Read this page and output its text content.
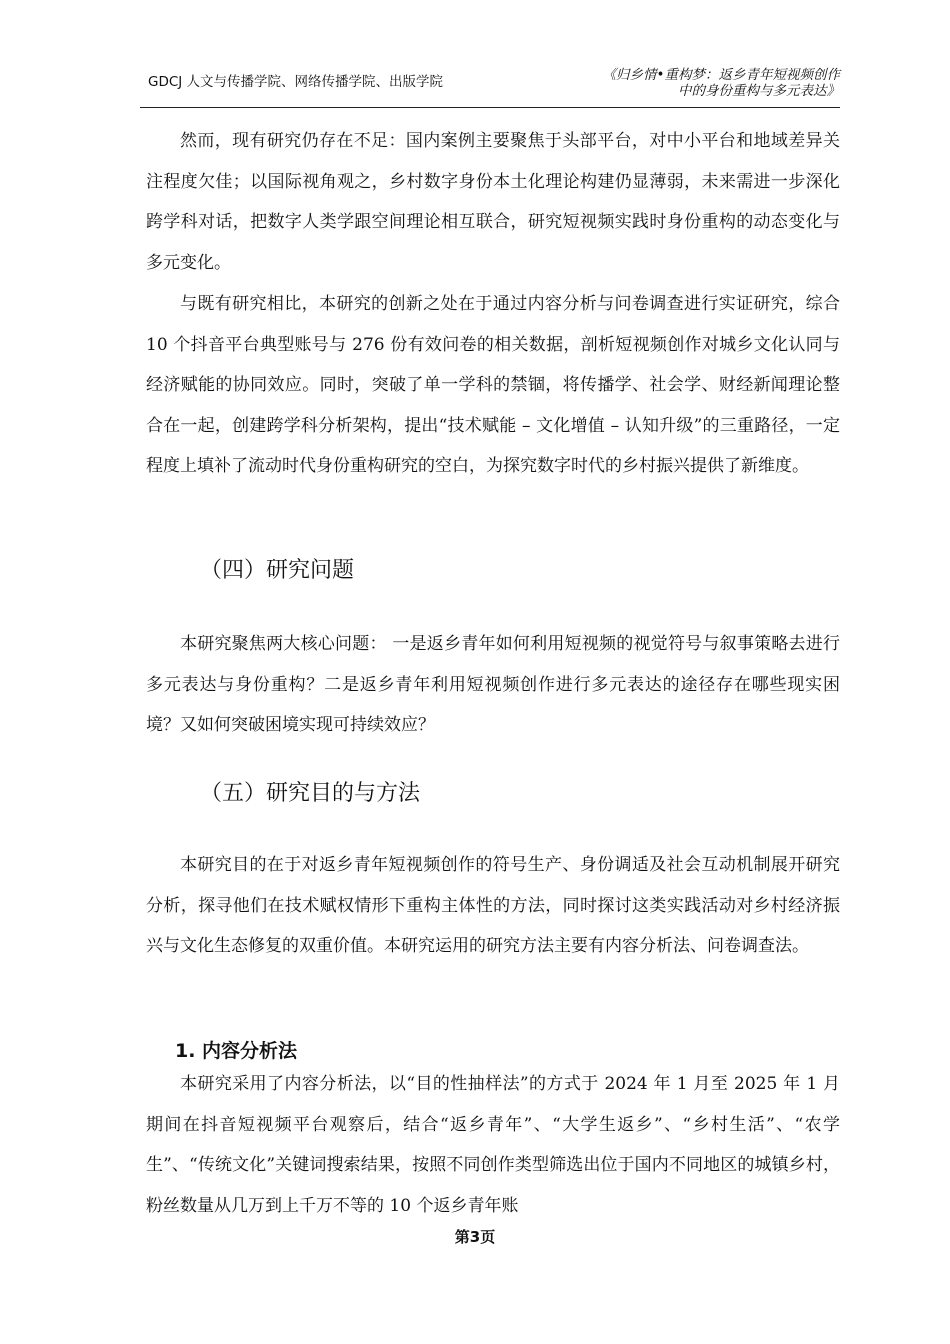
GDCJ 人文与传播学院、网络传播学院、出版学院	《归乡情•重构梦：返乡青年短视频创作
中的身份重构与多元表达》

然而，现有研究仍存在不足：国内案例主要聚焦于头部平台，对中小平台和地域差异关注程度欠佳；以国际视角观之，乡村数字身份本土化理论构建仍显薄弱，未来需进一步深化跨学科对话，把数字人类学跟空间理论相互联合，研究短视频实践时身份重构的动态变化与多元变化。

与既有研究相比，本研究的创新之处在于通过内容分析与问卷调查进行实证研究，综合 10 个抖音平台典型账号与 276 份有效问卷的相关数据，剖析短视频创作对城乡文化认同与经济赋能的协同效应。同时，突破了单一学科的禁锢，将传播学、社会学、财经新闻理论整合在一起，创建跨学科分析架构，提出“技术赋能 – 文化增值 – 认知升级”的三重路径，一定程度上填补了流动时代身份重构研究的空白，为探究数字时代的乡村振兴提供了新维度。

（四）研究问题

本研究聚焦两大核心问题： 一是返乡青年如何利用短视频的视觉符号与叙事策略去进行多元表达与身份重构？二是返乡青年利用短视频创作进行多元表达的途径存在哪些现实困境？又如何突破困境实现可持续效应？

（五）研究目的与方法

本研究目的在于对返乡青年短视频创作的符号生产、身份调适及社会互动机制展开研究分析，探寻他们在技术赋权情形下重构主体性的方法，同时探讨这类实践活动对乡村经济振兴与文化生态修复的双重价值。本研究运用的研究方法主要有内容分析法、问卷调查法。

1. 内容分析法

本研究采用了内容分析法，以“目的性抽样法”的方式于 2024 年 1 月至 2025 年 1 月期间在抖音短视频平台观察后，结合“返乡青年”、“大学生返乡”、“乡村生活”、“农学生”、“传统文化”关键词搜索结果，按照不同创作类型筛选出位于国内不同地区的城镇乡村，粉丝数量从几万到上千万不等的 10 个返乡青年账

第3页
